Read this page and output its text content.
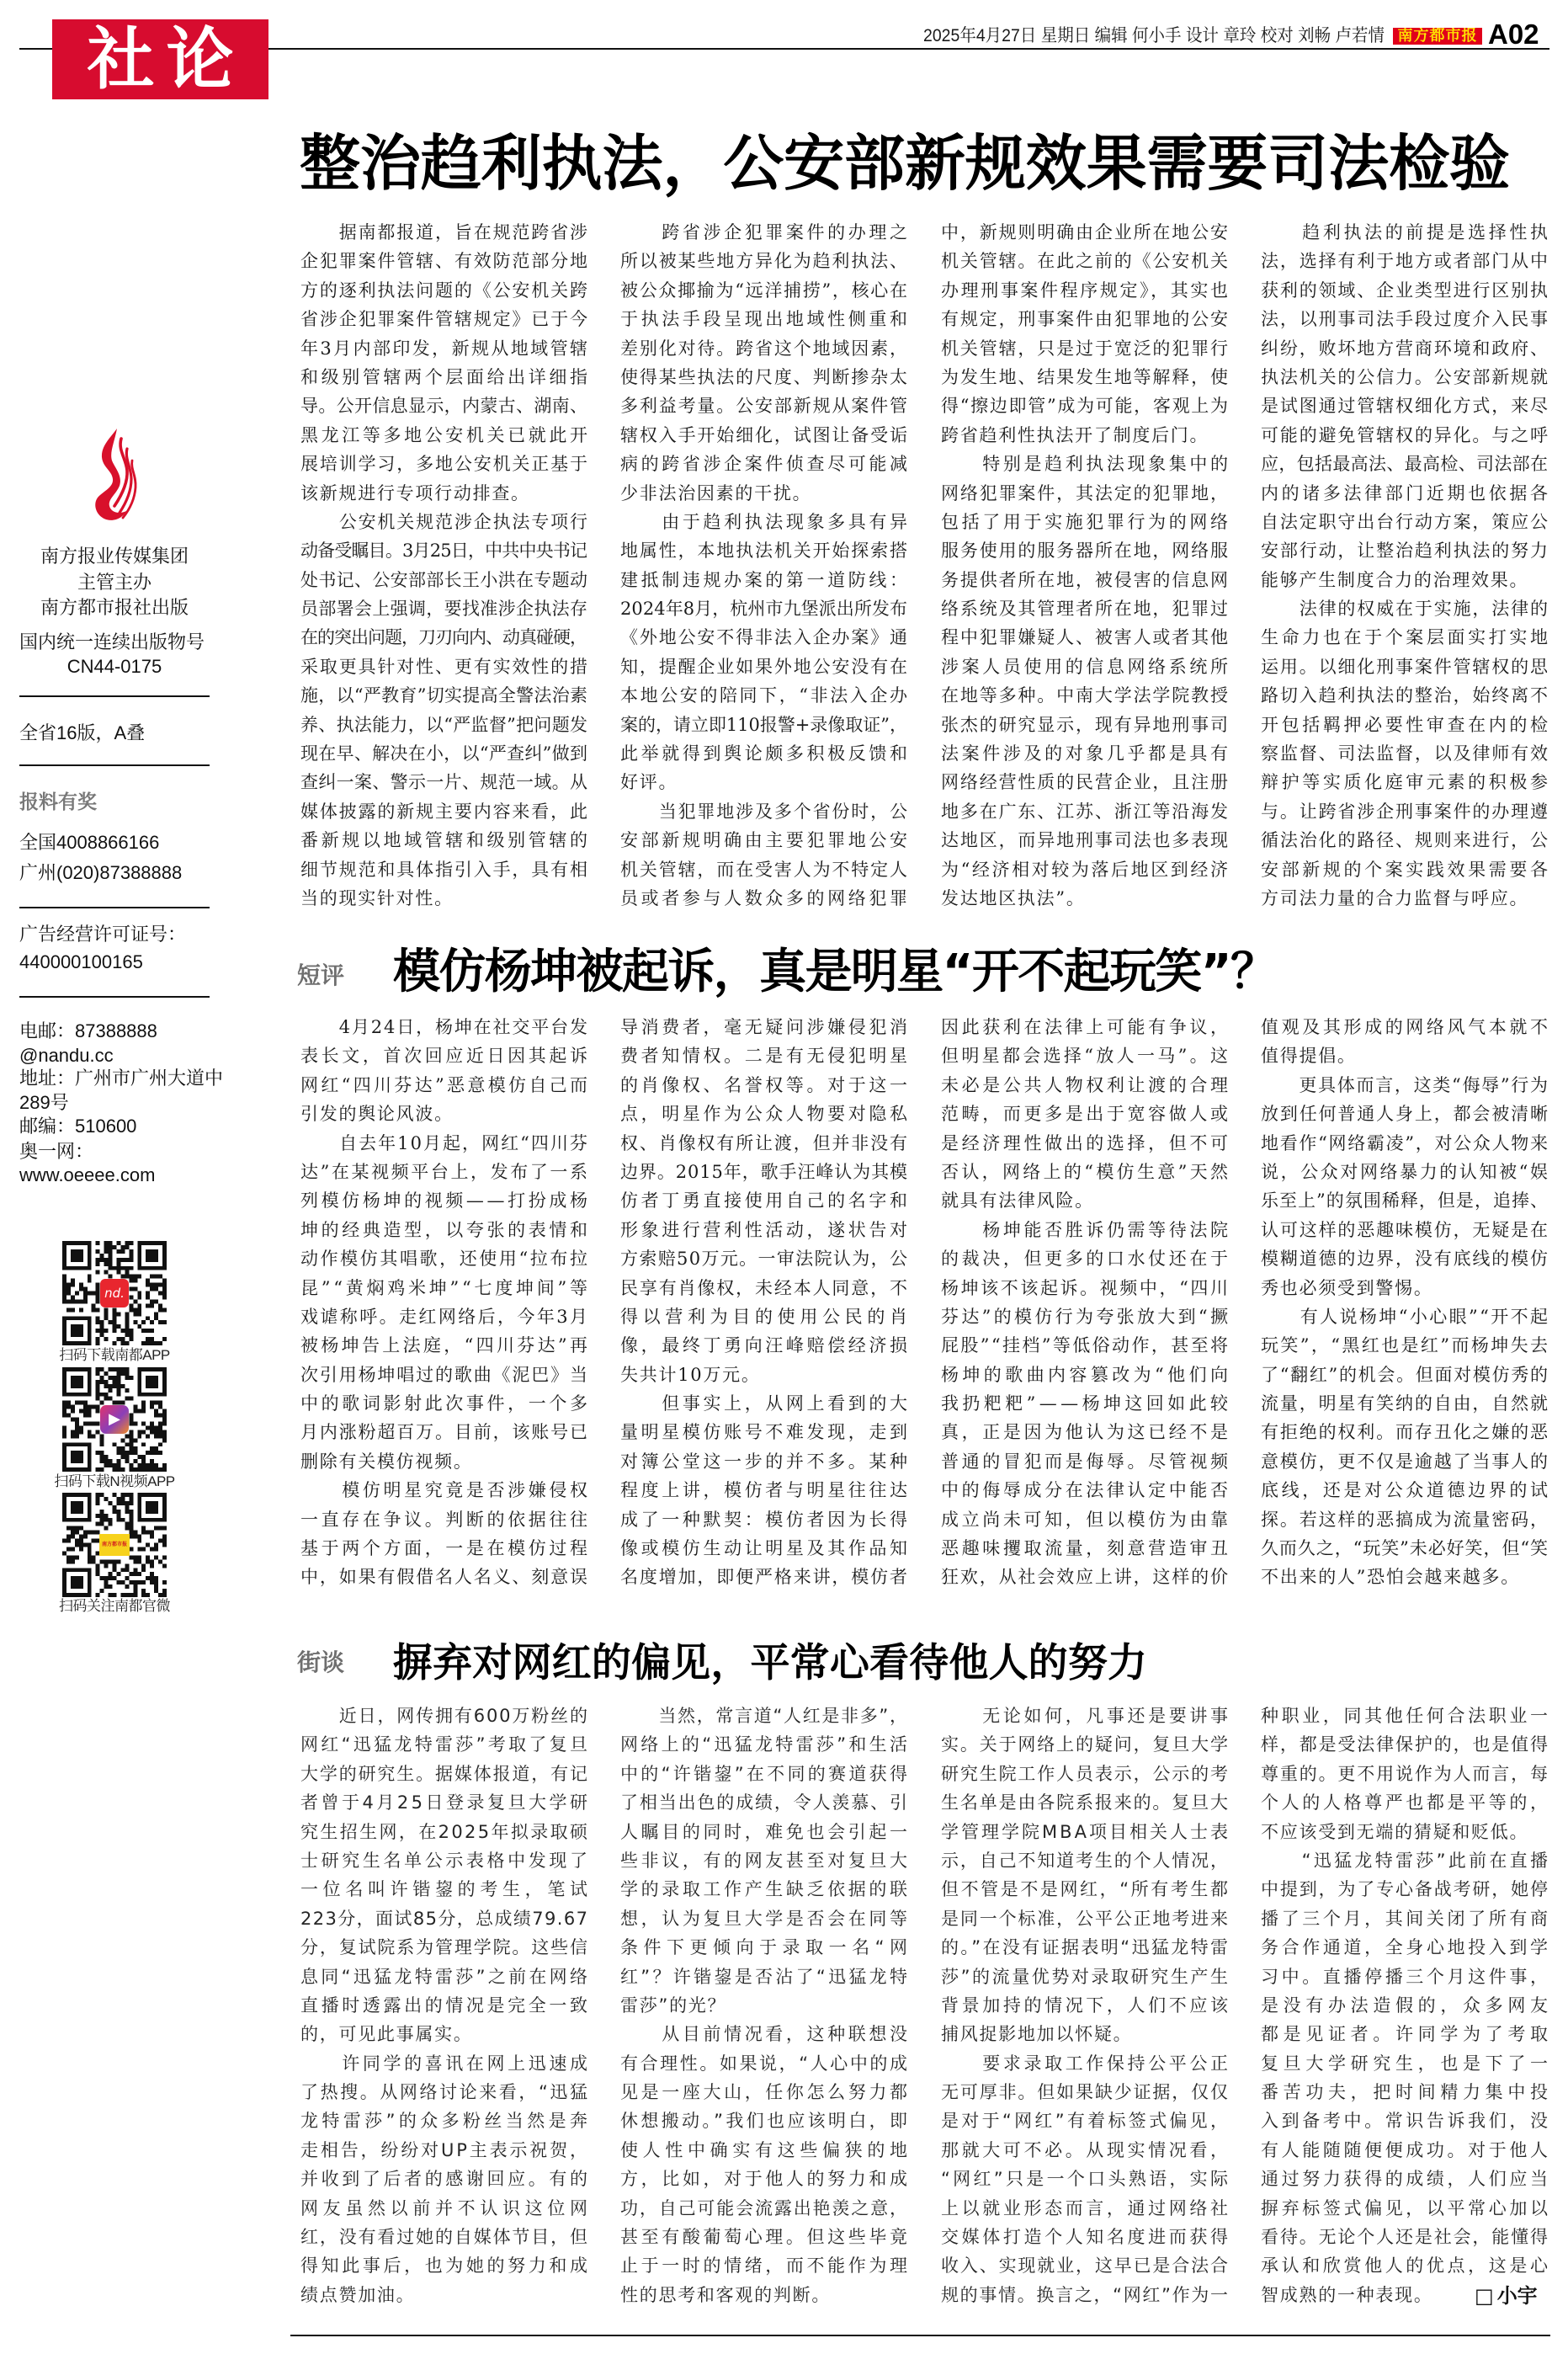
社论	2025年4月27日 星期日 编辑 何小手 设计 章玲 校对 刘畅 卢若情 南方都市报 A02
南方报业传媒集团
主管主办
南方都市报社出版
国内统一连续出版物号
CN44-0175
全省16版，A叠
报料有奖
全国4008866166
广州(020)87388888
广告经营许可证号：
440000100165
电邮：87388888
@nandu.cc
地址：广州市广州大道中
289号
邮编：510600
奥一网：
www.oeeee.com
nd.
扫码下载南都APP
▶
扫码下载N视频APP
南方都市报
扫码关注南都官微
整治趋利执法，公安部新规效果需要司法检验
　　据南都报道，旨在规范跨省涉
企犯罪案件管辖、有效防范部分地
方的逐利执法问题的《公安机关跨
省涉企犯罪案件管辖规定》已于今
年3月内部印发，新规从地域管辖
和级别管辖两个层面给出详细指
导。公开信息显示，内蒙古、湖南、
黑龙江等多地公安机关已就此开
展培训学习，多地公安机关正基于
该新规进行专项行动排查。
　　公安机关规范涉企执法专项行
动备受瞩目。3月25日，中共中央书记
处书记、公安部部长王小洪在专题动
员部署会上强调，要找准涉企执法存
在的突出问题，刀刃向内、动真碰硬，
采取更具针对性、更有实效性的措
施，以“严教育”切实提高全警法治素
养、执法能力，以“严监督”把问题发
现在早、解决在小，以“严查纠”做到
查纠一案、警示一片、规范一域。从
媒体披露的新规主要内容来看，此
番新规以地域管辖和级别管辖的
细节规范和具体指引入手，具有相
当的现实针对性。
　　跨省涉企犯罪案件的办理之
所以被某些地方异化为趋利执法、
被公众揶揄为“远洋捕捞”，核心在
于执法手段呈现出地域性侧重和
差别化对待。跨省这个地域因素，
使得某些执法的尺度、判断掺杂太
多利益考量。公安部新规从案件管
辖权入手开始细化，试图让备受诟
病的跨省涉企案件侦查尽可能减
少非法治因素的干扰。
　　由于趋利执法现象多具有异
地属性，本地执法机关开始探索搭
建抵制违规办案的第一道防线：
2024年8月，杭州市九堡派出所发布
《外地公安不得非法入企办案》通
知，提醒企业如果外地公安没有在
本地公安的陪同下，“非法入企办
案的，请立即110报警+录像取证”，
此举就得到舆论颇多积极反馈和
好评。
　　当犯罪地涉及多个省份时，公
安部新规明确由主要犯罪地公安
机关管辖，而在受害人为不特定人
员或者参与人数众多的网络犯罪
中，新规则明确由企业所在地公安
机关管辖。在此之前的《公安机关
办理刑事案件程序规定》，其实也
有规定，刑事案件由犯罪地的公安
机关管辖，只是过于宽泛的犯罪行
为发生地、结果发生地等解释，使
得“擦边即管”成为可能，客观上为
跨省趋利性执法开了制度后门。
　　特别是趋利执法现象集中的
网络犯罪案件，其法定的犯罪地，
包括了用于实施犯罪行为的网络
服务使用的服务器所在地，网络服
务提供者所在地，被侵害的信息网
络系统及其管理者所在地，犯罪过
程中犯罪嫌疑人、被害人或者其他
涉案人员使用的信息网络系统所
在地等多种。中南大学法学院教授
张杰的研究显示，现有异地刑事司
法案件涉及的对象几乎都是具有
网络经营性质的民营企业，且注册
地多在广东、江苏、浙江等沿海发
达地区，而异地刑事司法也多表现
为“经济相对较为落后地区到经济
发达地区执法”。
　　趋利执法的前提是选择性执
法，选择有利于地方或者部门从中
获利的领域、企业类型进行区别执
法，以刑事司法手段过度介入民事
纠纷，败坏地方营商环境和政府、
执法机关的公信力。公安部新规就
是试图通过管辖权细化方式，来尽
可能的避免管辖权的异化。与之呼
应，包括最高法、最高检、司法部在
内的诸多法律部门近期也依据各
自法定职守出台行动方案，策应公
安部行动，让整治趋利执法的努力
能够产生制度合力的治理效果。
　　法律的权威在于实施，法律的
生命力也在于个案层面实打实地
运用。以细化刑事案件管辖权的思
路切入趋利执法的整治，始终离不
开包括羁押必要性审查在内的检
察监督、司法监督，以及律师有效
辩护等实质化庭审元素的积极参
与。让跨省涉企刑事案件的办理遵
循法治化的路径、规则来进行，公
安部新规的个案实践效果需要各
方司法力量的合力监督与呼应。
短评 模仿杨坤被起诉，真是明星“开不起玩笑”？
　　4月24日，杨坤在社交平台发
表长文，首次回应近日因其起诉
网红“四川芬达”恶意模仿自己而
引发的舆论风波。
　　自去年10月起，网红“四川芬
达”在某视频平台上，发布了一系
列模仿杨坤的视频——打扮成杨
坤的经典造型，以夸张的表情和
动作模仿其唱歌，还使用“拉布拉
昆”“黄焖鸡米坤”“七度坤间”等
戏谑称呼。走红网络后，今年3月
被杨坤告上法庭，“四川芬达”再
次引用杨坤唱过的歌曲《泥巴》当
中的歌词影射此次事件，一个多
月内涨粉超百万。目前，该账号已
删除有关模仿视频。
　　模仿明星究竟是否涉嫌侵权
一直存在争议。判断的依据往往
基于两个方面，一是在模仿过程
中，如果有假借名人名义、刻意误
导消费者，毫无疑问涉嫌侵犯消
费者知情权。二是有无侵犯明星
的肖像权、名誉权等。对于这一
点，明星作为公众人物要对隐私
权、肖像权有所让渡，但并非没有
边界。2015年，歌手汪峰认为其模
仿者丁勇直接使用自己的名字和
形象进行营利性活动，遂状告对
方索赔50万元。一审法院认为，公
民享有肖像权，未经本人同意，不
得以营利为目的使用公民的肖
像，最终丁勇向汪峰赔偿经济损
失共计10万元。
　　但事实上，从网上看到的大
量明星模仿账号不难发现，走到
对簿公堂这一步的并不多。某种
程度上讲，模仿者与明星往往达
成了一种默契：模仿者因为长得
像或模仿生动让明星及其作品知
名度增加，即便严格来讲，模仿者
因此获利在法律上可能有争议，
但明星都会选择“放人一马”。这
未必是公共人物权利让渡的合理
范畴，而更多是出于宽容做人或
是经济理性做出的选择，但不可
否认，网络上的“模仿生意”天然
就具有法律风险。
　　杨坤能否胜诉仍需等待法院
的裁决，但更多的口水仗还在于
杨坤该不该起诉。视频中，“四川
芬达”的模仿行为夸张放大到“撅
屁股”“挂档”等低俗动作，甚至将
杨坤的歌曲内容篡改为“他们向
我扔粑粑”——杨坤这回如此较
真，正是因为他认为这已经不是
普通的冒犯而是侮辱。尽管视频
中的侮辱成分在法律认定中能否
成立尚未可知，但以模仿为由靠
恶趣味攫取流量，刻意营造审丑
狂欢，从社会效应上讲，这样的价
值观及其形成的网络风气本就不
值得提倡。
　　更具体而言，这类“侮辱”行为
放到任何普通人身上，都会被清晰
地看作“网络霸凌”，对公众人物来
说，公众对网络暴力的认知被“娱
乐至上”的氛围稀释，但是，追捧、
认可这样的恶趣味模仿，无疑是在
模糊道德的边界，没有底线的模仿
秀也必须受到警惕。
　　有人说杨坤“小心眼”“开不起
玩笑”，“黑红也是红”而杨坤失去
了“翻红”的机会。但面对模仿秀的
流量，明星有笑纳的自由，自然就
有拒绝的权利。而存丑化之嫌的恶
意模仿，更不仅是逾越了当事人的
底线，还是对公众道德边界的试
探。若这样的恶搞成为流量密码，
久而久之，“玩笑”未必好笑，但“笑
不出来的人”恐怕会越来越多。
街谈 摒弃对网红的偏见，平常心看待他人的努力
　　近日，网传拥有600万粉丝的
网红“迅猛龙特雷莎”考取了复旦
大学的研究生。据媒体报道，有记
者曾于4月25日登录复旦大学研
究生招生网，在2025年拟录取硕
士研究生名单公示表格中发现了
一位名叫许锴鋆的考生，笔试
223分，面试85分，总成绩79.67
分，复试院系为管理学院。这些信
息同“迅猛龙特雷莎”之前在网络
直播时透露出的情况是完全一致
的，可见此事属实。
　　许同学的喜讯在网上迅速成
了热搜。从网络讨论来看，“迅猛
龙特雷莎”的众多粉丝当然是奔
走相告，纷纷对UP主表示祝贺，
并收到了后者的感谢回应。有的
网友虽然以前并不认识这位网
红，没有看过她的自媒体节目，但
得知此事后，也为她的努力和成
绩点赞加油。
　　当然，常言道“人红是非多”，
网络上的“迅猛龙特雷莎”和生活
中的“许锴鋆”在不同的赛道获得
了相当出色的成绩，令人羡慕、引
人瞩目的同时，难免也会引起一
些非议，有的网友甚至对复旦大
学的录取工作产生缺乏依据的联
想，认为复旦大学是否会在同等
条件下更倾向于录取一名“网
红”？许锴鋆是否沾了“迅猛龙特
雷莎”的光？
　　从目前情况看，这种联想没
有合理性。如果说，“人心中的成
见是一座大山，任你怎么努力都
休想搬动。”我们也应该明白，即
使人性中确实有这些偏狭的地
方，比如，对于他人的努力和成
功，自己可能会流露出艳羡之意，
甚至有酸葡萄心理。但这些毕竟
止于一时的情绪，而不能作为理
性的思考和客观的判断。
　　无论如何，凡事还是要讲事
实。关于网络上的疑问，复旦大学
研究生院工作人员表示，公示的考
生名单是由各院系报来的。复旦大
学管理学院MBA项目相关人士表
示，自己不知道考生的个人情况，
但不管是不是网红，“所有考生都
是同一个标准，公平公正地考进来
的。”在没有证据表明“迅猛龙特雷
莎”的流量优势对录取研究生产生
背景加持的情况下，人们不应该
捕风捉影地加以怀疑。
　　要求录取工作保持公平公正
无可厚非。但如果缺少证据，仅仅
是对于“网红”有着标签式偏见，
那就大可不必。从现实情况看，
“网红”只是一个口头熟语，实际
上以就业形态而言，通过网络社
交媒体打造个人知名度进而获得
收入、实现就业，这早已是合法合
规的事情。换言之，“网红”作为一
种职业，同其他任何合法职业一
样，都是受法律保护的，也是值得
尊重的。更不用说作为人而言，每
个人的人格尊严也都是平等的，
不应该受到无端的猜疑和贬低。
　　“迅猛龙特雷莎”此前在直播
中提到，为了专心备战考研，她停
播了三个月，其间关闭了所有商
务合作通道，全身心地投入到学
习中。直播停播三个月这件事，
是没有办法造假的，众多网友
都是见证者。许同学为了考取
复旦大学研究生，也是下了一
番苦功夫，把时间精力集中投
入到备考中。常识告诉我们，没
有人能随随便便成功。对于他人
通过努力获得的成绩，人们应当
摒弃标签式偏见，以平常心加以
看待。无论个人还是社会，能懂得
承认和欣赏他人的优点，这是心
智成熟的一种表现。	□ 小宇
